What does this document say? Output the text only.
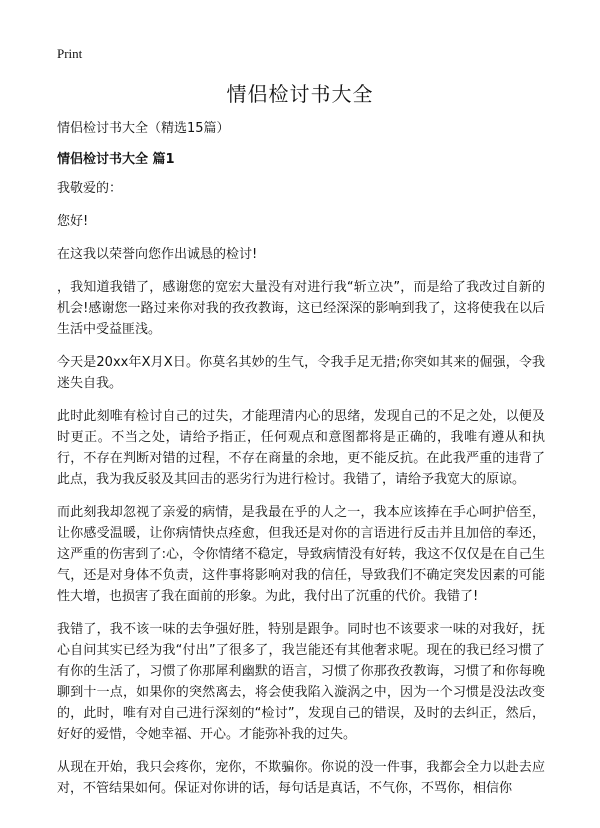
Print
情侣检讨书大全

情侣检讨书大全（精选15篇）

情侣检讨书大全 篇1

我敬爱的：

您好!

在这我以荣誉向您作出诚恳的检讨!

，我知道我错了，感谢您的宽宏大量没有对进行我“斩立决”，而是给了我改过自新的机会!感谢您一路过来你对我的孜孜教诲，这已经深深的影响到我了，这将使我在以后生活中受益匪浅。

今天是20xx年X月X日。你莫名其妙的生气，令我手足无措;你突如其来的倔强，令我迷失自我。

此时此刻唯有检讨自己的过失，才能理清内心的思绪，发现自己的不足之处，以便及时更正。不当之处，请给予指正，任何观点和意图都将是正确的，我唯有遵从和执行，不存在判断对错的过程，不存在商量的余地，更不能反抗。在此我严重的违背了此点，我为我反驳及其回击的恶劣行为进行检讨。我错了，请给予我宽大的原谅。

而此刻我却忽视了亲爱的病情，是我最在乎的人之一，我本应该捧在手心呵护倍至，让你感受温暖，让你病情快点痊愈，但我还是对你的言语进行反击并且加倍的奉还，这严重的伤害到了:心，令你情绪不稳定，导致病情没有好转，我这不仅仅是在自己生气，还是对身体不负责，这件事将影响对我的信任，导致我们不确定突发因素的可能性大增，也损害了我在面前的形象。为此，我付出了沉重的代价。我错了!

我错了，我不该一味的去争强好胜，特别是跟争。同时也不该要求一味的对我好，抚心自问其实已经为我“付出”了很多了，我岂能还有其他奢求呢。现在的我已经习惯了有你的生活了，习惯了你那犀利幽默的语言，习惯了你那孜孜教诲，习惯了和你每晚聊到十一点，如果你的突然离去，将会使我陷入漩涡之中，因为一个习惯是没法改变的，此时，唯有对自己进行深刻的“检讨”，发现自己的错误，及时的去纠正，然后，好好的爱惜，令她幸福、开心。才能弥补我的过失。

从现在开始，我只会疼你，宠你，不欺骗你。你说的没一件事，我都会全力以赴去应对，不管结果如何。保证对你讲的话，每句话是真话，不气你，不骂你，相信你
